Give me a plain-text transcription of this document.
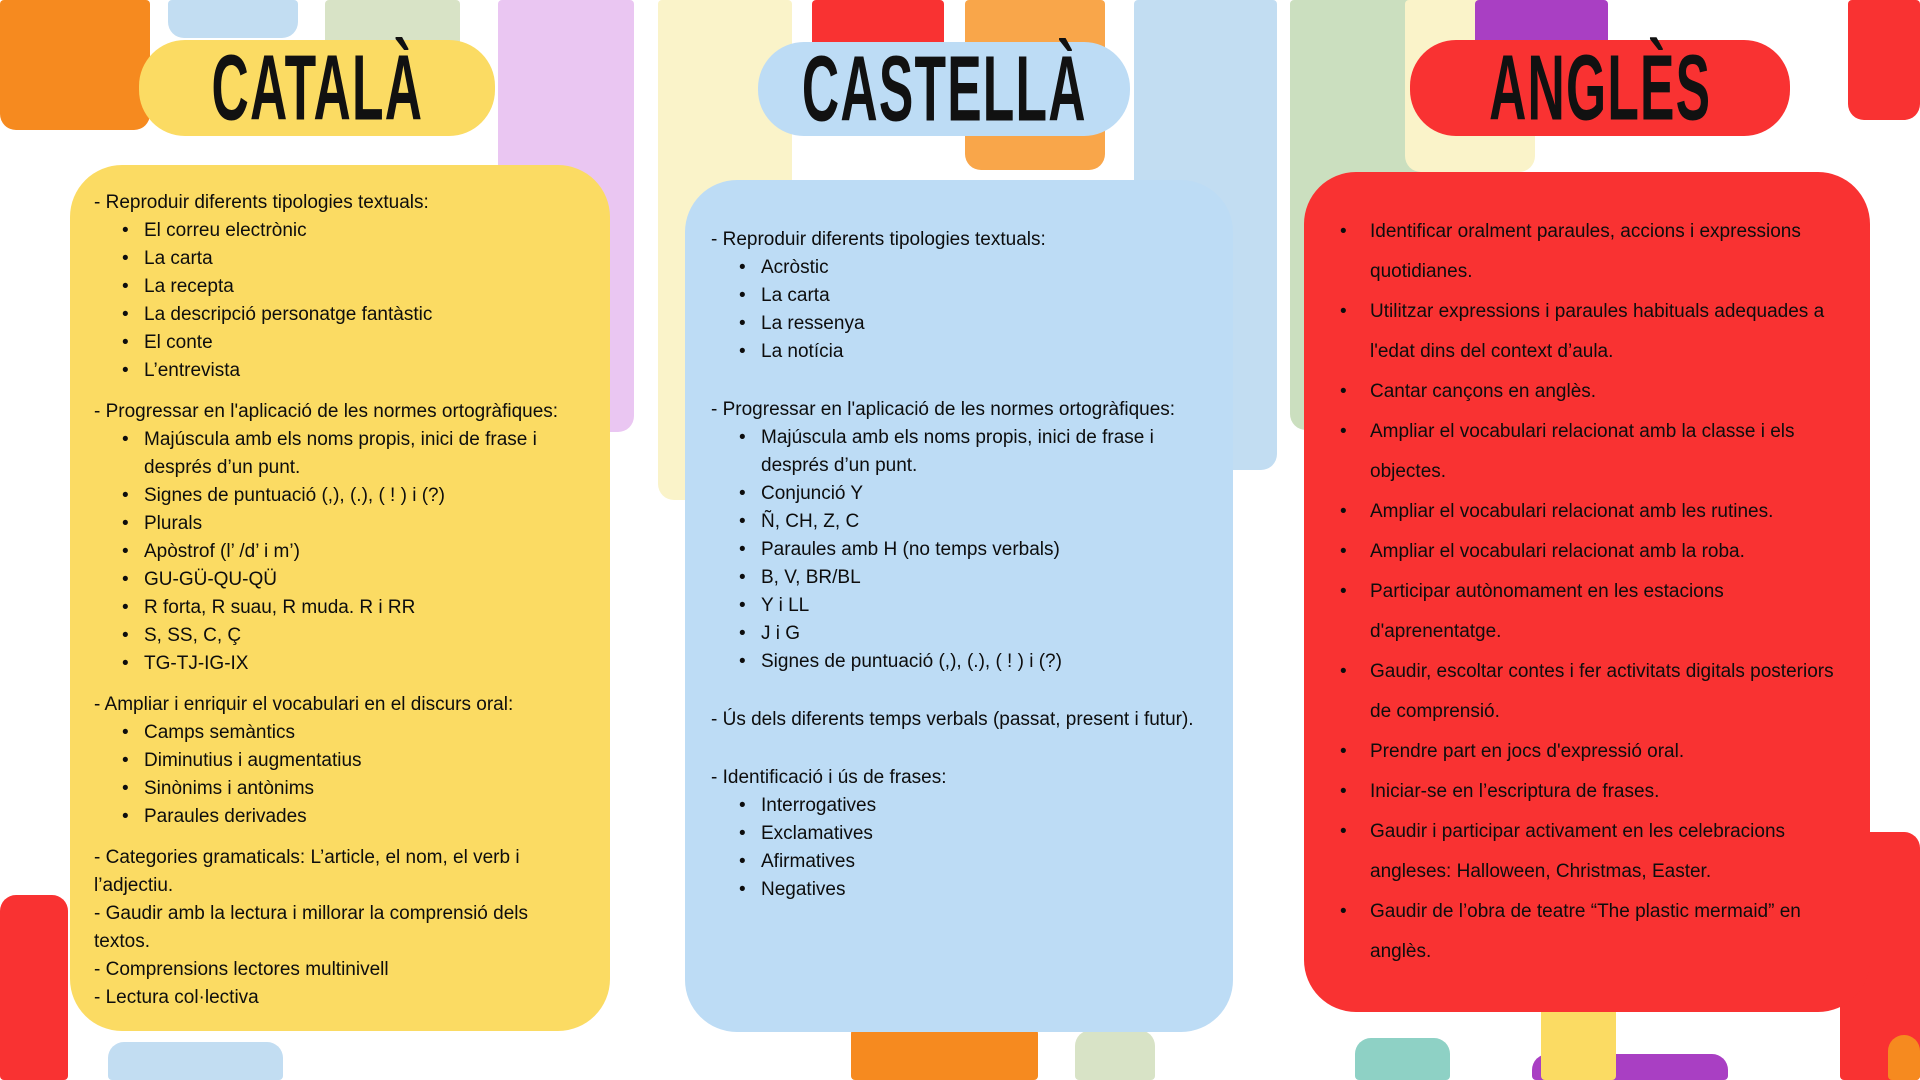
CATALÀ
- Reproduir diferents tipologies textuals:
• El correu electrònic
• La carta
• La recepta
• La descripció personatge fantàstic
• El conte
• L’entrevista
- Progressar en l'aplicació de les normes ortogràfiques:
• Majúscula amb els noms propis, inici de frase i després d’un punt.
• Signes de puntuació (,), (.), ( ! ) i (?)
• Plurals
• Apòstrof (l’ /d’ i m’)
• GU-GÜ-QU-QÜ
• R forta, R suau, R muda. R i RR
• S, SS, C, Ç
• TG-TJ-IG-IX
- Ampliar i enriquir el vocabulari en el discurs oral:
• Camps semàntics
• Diminutius i augmentatius
• Sinònims i antònims
• Paraules derivades
- Categories gramaticals: L’article, el nom, el verb i l’adjectiu.
- Gaudir amb la lectura i millorar la comprensió dels textos.
- Comprensions lectores multinivell
- Lectura col·lectiva
CASTELLÀ
- Reproduir diferents tipologies textuals:
• Acròstic
• La carta
• La ressenya
• La notícia
- Progressar en l'aplicació de les normes ortogràfiques:
• Majúscula amb els noms propis, inici de frase i després d’un punt.
• Conjunció Y
• Ñ, CH, Z, C
• Paraules amb H (no temps verbals)
• B, V, BR/BL
• Y i LL
• J i G
• Signes de puntuació (,), (.), ( ! ) i (?)
- Ús dels diferents temps verbals (passat, present i futur).
- Identificació i ús de frases:
• Interrogatives
• Exclamatives
• Afirmatives
• Negatives
ANGLÈS
•	Identificar oralment paraules, accions i expressions quotidianes.
•	Utilitzar expressions i paraules habituals adequades a l'edat dins del context d’aula.
•	Cantar cançons en anglès.
•	Ampliar el vocabulari relacionat amb la classe i els objectes.
•	Ampliar el vocabulari relacionat amb les rutines.
•	Ampliar el vocabulari relacionat amb la roba.
•	Participar autònomament en les estacions d'aprenentatge.
•	Gaudir, escoltar contes i fer activitats digitals posteriors de comprensió.
•	Prendre part en jocs d'expressió oral.
•	Iniciar-se en l’escriptura de frases.
•	Gaudir i participar activament en les celebracions angleses: Halloween, Christmas, Easter.
•	Gaudir de l’obra de teatre “The plastic mermaid” en anglès.
